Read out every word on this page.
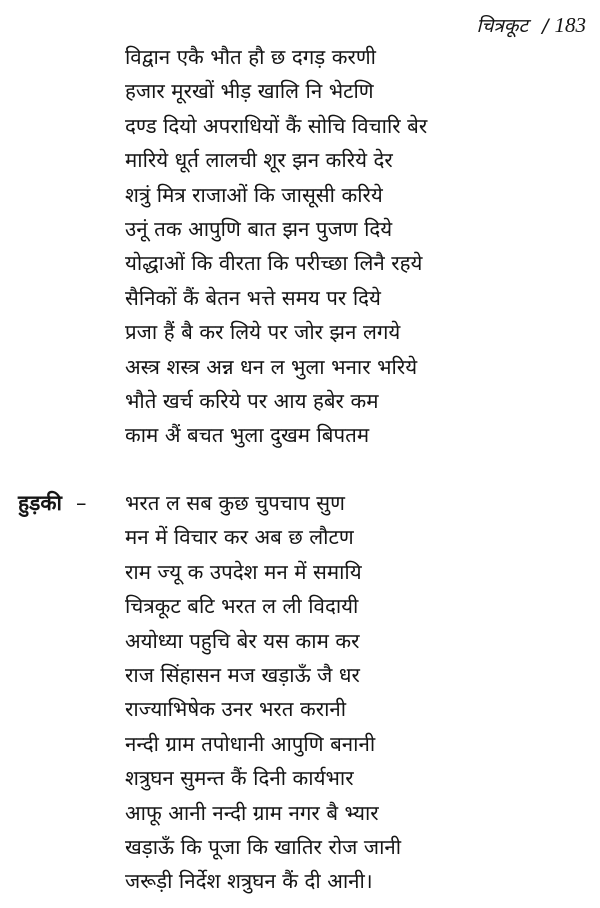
चित्रकूट / 183
विद्वान एकै भौत हौ छ दगड़ करणी
हजार मूरखों भीड़ खालि नि भेटणि
दण्ड दियो अपराधियों कैं सोचि विचारि बेर
मारिये धूर्त लालची शूर झन करिये देर
शत्रुं मित्र राजाओं कि जासूसी करिये
उनूं तक आपुणि बात झन पुजण दिये
योद्धाओं कि वीरता कि परीच्छा लिनै रहये
सैनिकों कैं बेतन भत्ते समय पर दिये
प्रजा हैं बै कर लिये पर जोर झन लगये
अस्त्र शस्त्र अन्न धन ल भुला भनार भरिये
भौते खर्च करिये पर आय हबेर कम
काम अैं बचत भुला दुखम बिपतम
हुड़की – भरत ल सब कुछ चुपचाप सुण
मन में विचार कर अब छ लौटण
राम ज्यू क उपदेश मन में समायि
चित्रकूट बटि भरत ल ली विदायी
अयोध्या पहुचि बेर यस काम कर
राज सिंहासन मज खड़ाऊँ जै धर
राज्याभिषेक उनर भरत करानी
नन्दी ग्राम तपोधानी आपुणि बनानी
शत्रुघन सुमन्त कैं दिनी कार्यभार
आफू आनी नन्दी ग्राम नगर बै भ्यार
खड़ाऊँ कि पूजा कि खातिर रोज जानी
जरूड़ी निर्देश शत्रुघन कैं दी आनी।
